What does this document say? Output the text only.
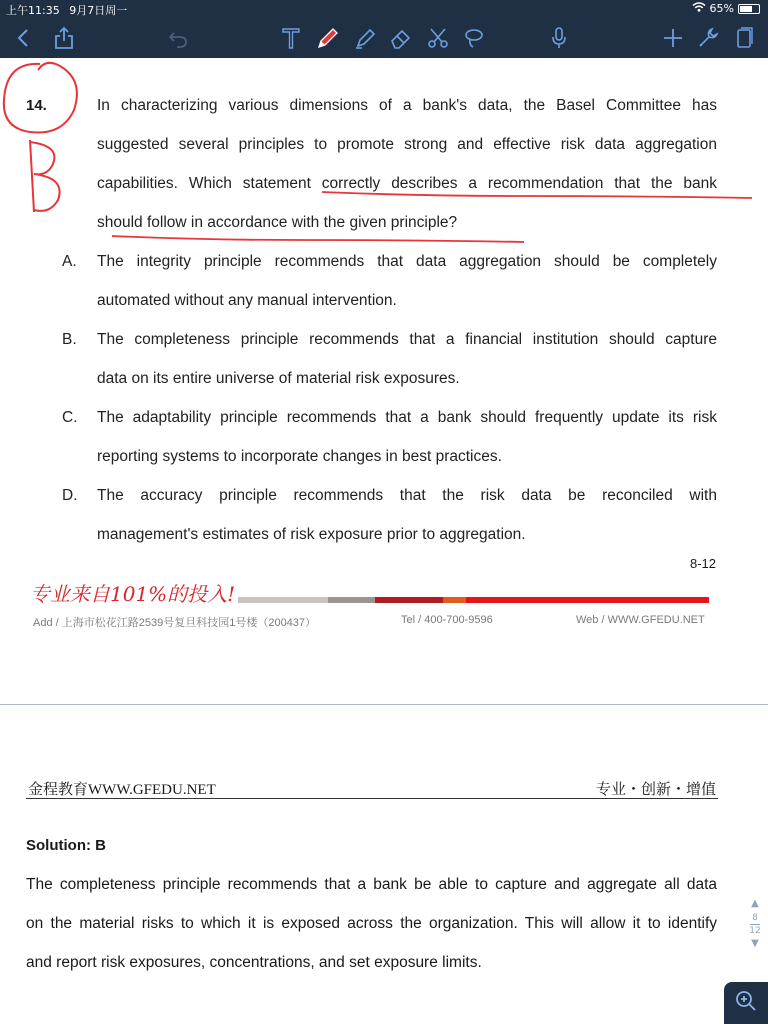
上午11:35 9月7日周一	65%
14.	In characterizing various dimensions of a bank's data, the Basel Committee has
suggested several principles to promote strong and effective risk data aggregation
capabilities. Which statement correctly describes a recommendation that the bank
should follow in accordance with the given principle?
A. The integrity principle recommends that data aggregation should be completely
automated without any manual intervention.
B. The completeness principle recommends that a financial institution should capture
data on its entire universe of material risk exposures.
C. The adaptability principle recommends that a bank should frequently update its risk
reporting systems to incorporate changes in best practices.
D. The accuracy principle recommends that the risk data be reconciled with
management's estimates of risk exposure prior to aggregation.
8-12
专业来自101%的投入!
Add / 上海市松花江路2539号复旦科技园1号楼（200437）	Tel / 400-700-9596	Web / WWW.GFEDU.NET
金程教育WWW.GFEDU.NET	专业・创新・增值
Solution: B
The completeness principle recommends that a bank be able to capture and aggregate all data
on the material risks to which it is exposed across the organization. This will allow it to identify
and report risk exposures, concentrations, and set exposure limits.
▲
8
12
▼
